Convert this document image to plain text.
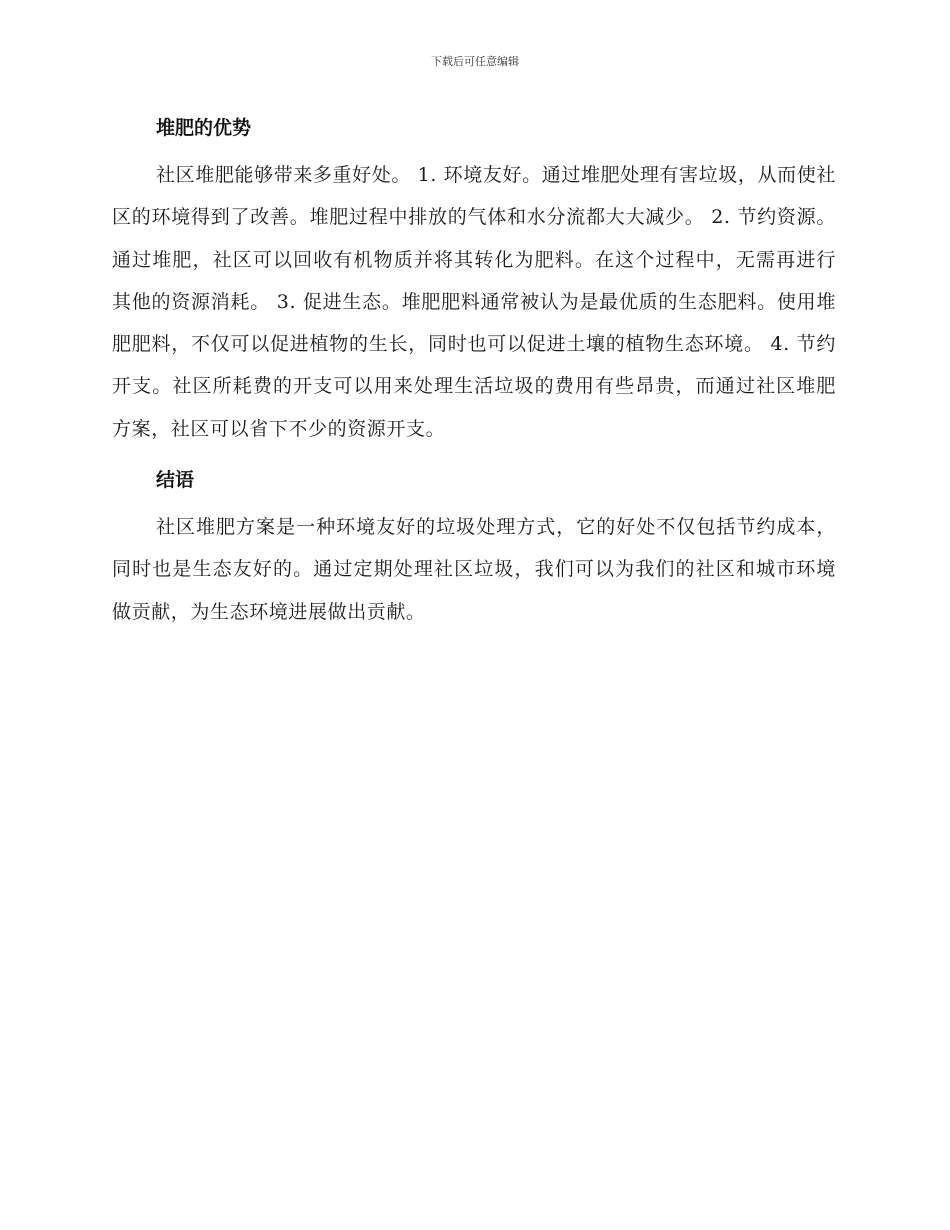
下载后可任意编辑
堆肥的优势

社区堆肥能够带来多重好处。 1. 环境友好。通过堆肥处理有害垃圾，从而使社区的环境得到了改善。堆肥过程中排放的气体和水分流都大大减少。 2. 节约资源。通过堆肥，社区可以回收有机物质并将其转化为肥料。在这个过程中，无需再进行其他的资源消耗。 3. 促进生态。堆肥肥料通常被认为是最优质的生态肥料。使用堆肥肥料，不仅可以促进植物的生长，同时也可以促进土壤的植物生态环境。 4. 节约开支。社区所耗费的开支可以用来处理生活垃圾的费用有些昂贵，而通过社区堆肥方案，社区可以省下不少的资源开支。

结语

社区堆肥方案是一种环境友好的垃圾处理方式，它的好处不仅包括节约成本，同时也是生态友好的。通过定期处理社区垃圾，我们可以为我们的社区和城市环境做贡献，为生态环境进展做出贡献。
